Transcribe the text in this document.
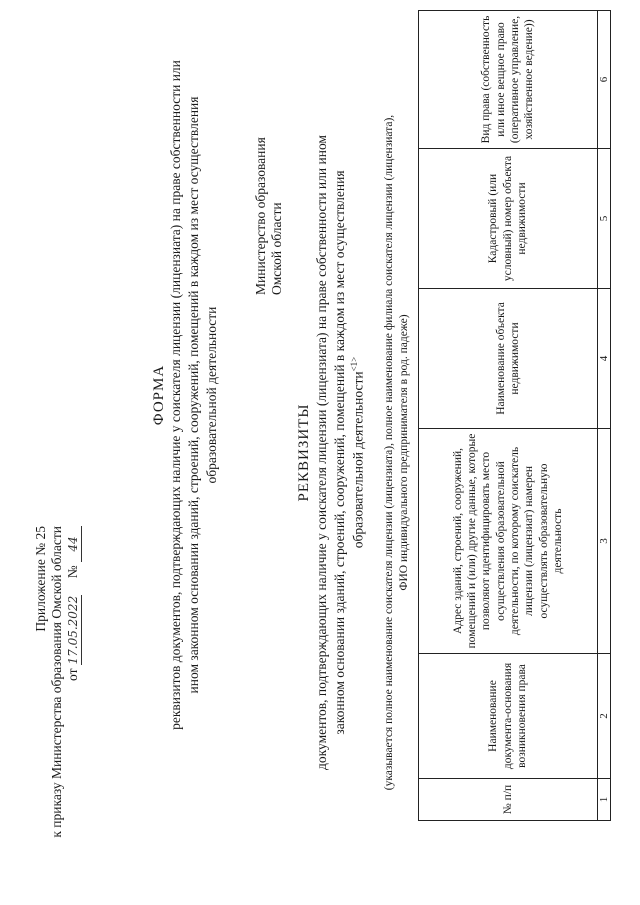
Приложение № 25 к приказу Министерства образования Омской области от 17.05.2022     № 44
ФОРМА реквизитов документов, подтверждающих наличие у соискателя лицензии (лицензиата) на праве собственности или ином законном основании зданий, строений, сооружений, помещений в каждом из мест осуществления образовательной деятельности
Министерство образования Омской области
РЕКВИЗИТЫ документов, подтверждающих наличие у соискателя лицензии (лицензиата) на праве собственности или ином законном основании зданий, строений, сооружений, помещений в каждом из мест осуществления образовательной деятельности$^{<1>}$	(указывается полное наименование соискателя лицензии (лицензиата), полное наименование филиала соискателя лицензии (лицензиата), ФИО индивидуального предпринимателя в род. падеже)
№ п/п	Наименование документа-основания возникновения права	Адрес зданий, строений, сооружений, помещений и (или) другие данные, которые позволяют идентифицировать место осуществления образовательной деятельности, по которому соискатель лицензии (лицензиат) намерен осуществлять образовательную деятельность	Наименование объекта недвижимости	Кадастровый (или условный) номер объекта недвижимости	Вид права (собственность или иное вещное право (оперативное управление, хозяйственное ведение))
1	2	3	4	5	6
